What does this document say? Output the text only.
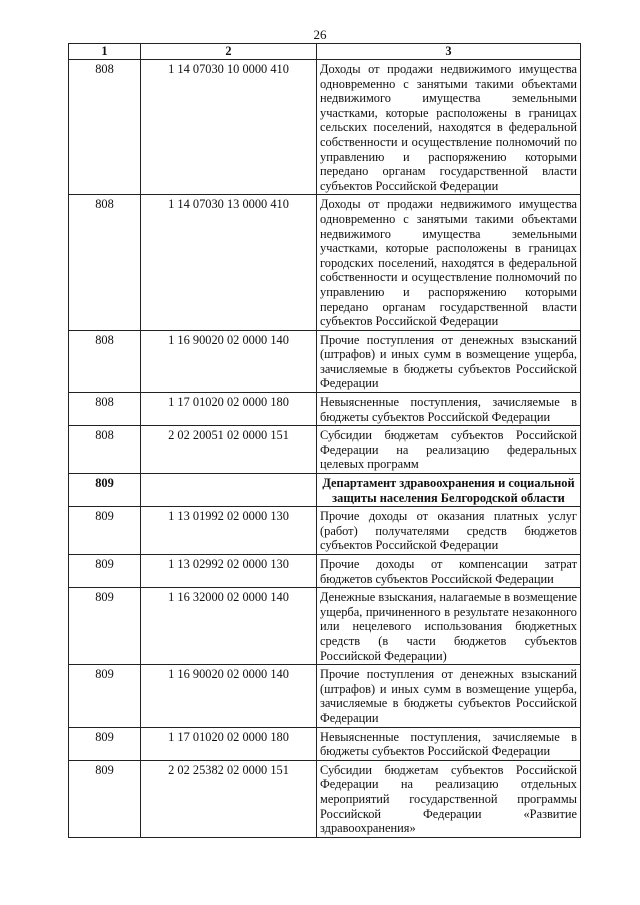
26
1	2	3
808	1 14 07030 10 0000 410	Доходы от продажи недвижимого имущества одновременно с занятыми такими объектами недвижимого имущества земельными участками, которые расположены в границах сельских поселений, находятся в федеральной собственности и осуществление полномочий по управлению и распоряжению которыми передано органам государственной власти субъектов Российской Федерации
808	1 14 07030 13 0000 410	Доходы от продажи недвижимого имущества одновременно с занятыми такими объектами недвижимого имущества земельными участками, которые расположены в границах городских поселений, находятся в федеральной собственности и осуществление полномочий по управлению и распоряжению которыми передано органам государственной власти субъектов Российской Федерации
808	1 16 90020 02 0000 140	Прочие поступления от денежных взысканий (штрафов) и иных сумм в возмещение ущерба, зачисляемые в бюджеты субъектов Российской Федерации
808	1 17 01020 02 0000 180	Невыясненные поступления, зачисляемые в бюджеты субъектов Российской Федерации
808	2 02 20051 02 0000 151	Субсидии бюджетам субъектов Российской Федерации на реализацию федеральных целевых программ
809		Департамент здравоохранения и социальной защиты населения Белгородской области
809	1 13 01992 02 0000 130	Прочие доходы от оказания платных услуг (работ) получателями средств бюджетов субъектов Российской Федерации
809	1 13 02992 02 0000 130	Прочие доходы от компенсации затрат бюджетов субъектов Российской Федерации
809	1 16 32000 02 0000 140	Денежные взыскания, налагаемые в возмещение ущерба, причиненного в результате незаконного или нецелевого использования бюджетных средств (в части бюджетов субъектов Российской Федерации)
809	1 16 90020 02 0000 140	Прочие поступления от денежных взысканий (штрафов) и иных сумм в возмещение ущерба, зачисляемые в бюджеты субъектов Российской Федерации
809	1 17 01020 02 0000 180	Невыясненные поступления, зачисляемые в бюджеты субъектов Российской Федерации
809	2 02 25382 02 0000 151	Субсидии бюджетам субъектов Российской Федерации на реализацию отдельных мероприятий государственной программы Российской Федерации «Развитие здравоохранения»
